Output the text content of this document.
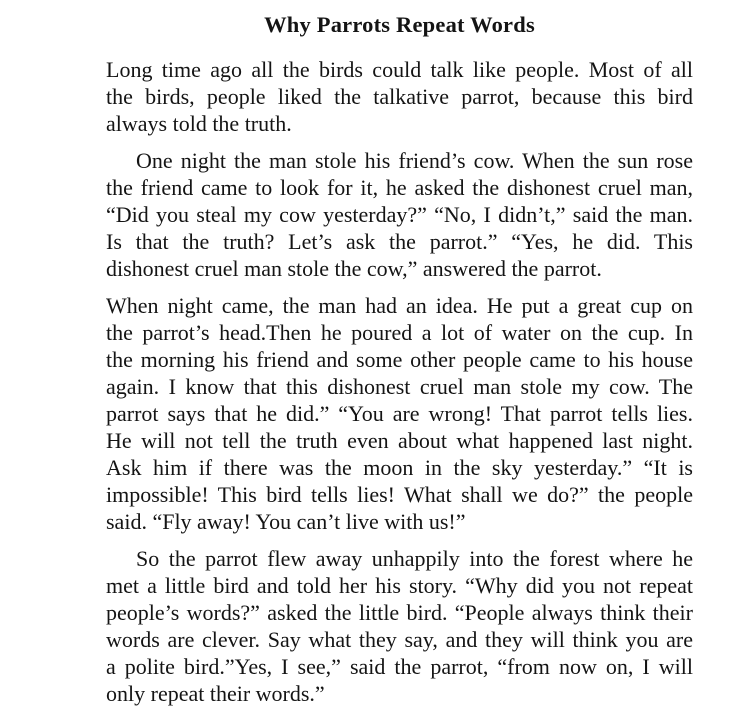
Why Parrots Repeat Words
Long time ago all the birds could talk like people. Most of all
the birds, people liked the talkative parrot, because this bird
always told the truth.
One night the man stole his friend’s cow. When the sun rose
the friend came to look for it, he asked the dishonest cruel man,
“Did you steal my cow yesterday?” “No, I didn’t,” said the man.
Is that the truth? Let’s ask the parrot.” “Yes, he did. This
dishonest cruel man stole the cow,” answered the parrot.
When night came, the man had an idea. He put a great cup on
the parrot’s head.Then he poured a lot of water on the cup. In
the morning his friend and some other people came to his house
again. I know that this dishonest cruel man stole my cow. The
parrot says that he did.” “You are wrong! That parrot tells lies.
He will not tell the truth even about what happened last night.
Ask him if there was the moon in the sky yesterday.” “It is
impossible! This bird tells lies! What shall we do?” the people
said. “Fly away! You can’t live with us!”
So the parrot flew away unhappily into the forest where he
met a little bird and told her his story. “Why did you not repeat
people’s words?” asked the little bird. “People always think their
words are clever. Say what they say, and they will think you are
a polite bird.”Yes, I see,” said the parrot, “from now on, I will
only repeat their words.”
